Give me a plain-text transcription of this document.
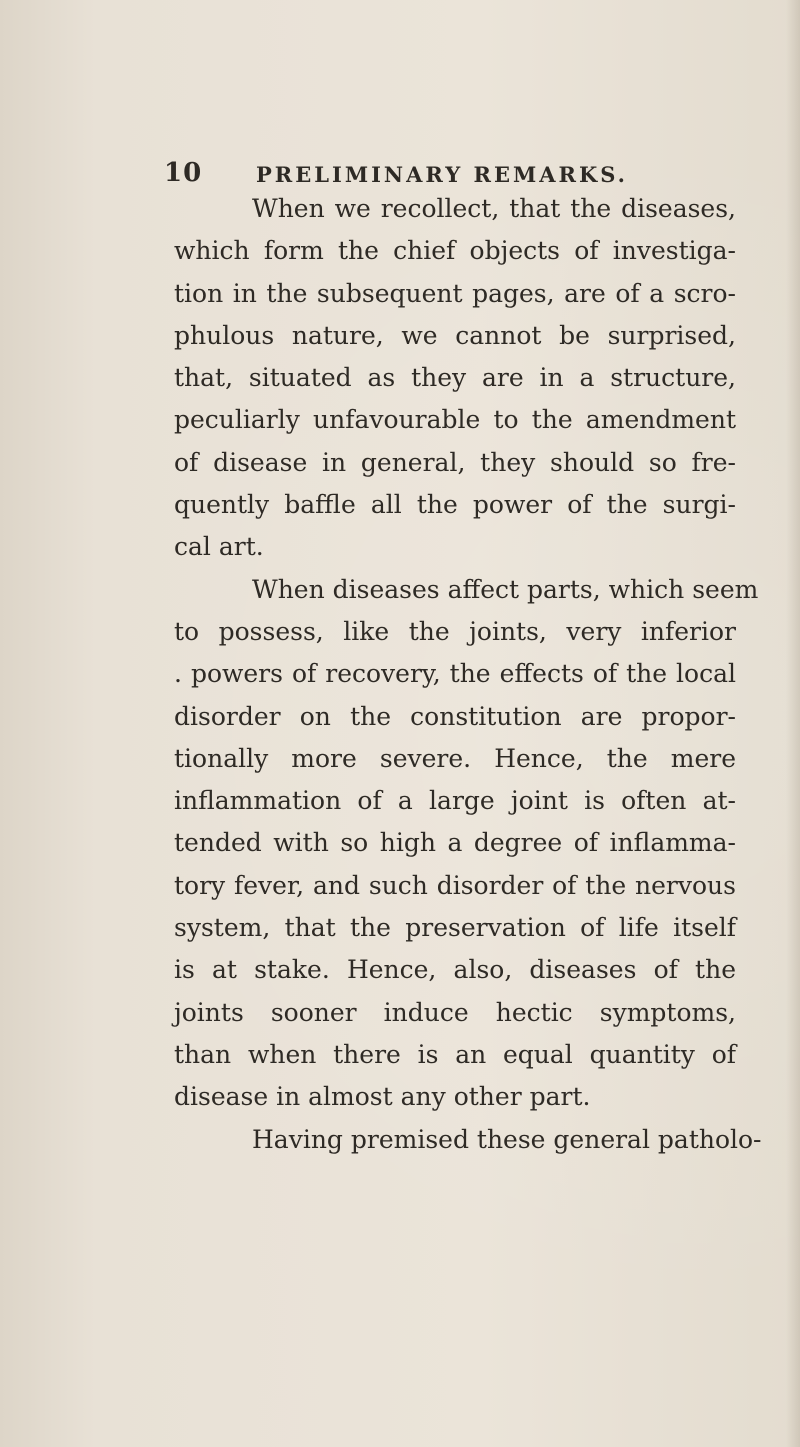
10	PRELIMINARY REMARKS.
When we recollect, that the diseases,
which form the chief objects of investiga-
tion in the subsequent pages, are of a scro-
phulous nature, we cannot be surprised,
that, situated as they are in a structure,
peculiarly unfavourable to the amendment
of disease in general, they should so fre-
quently baffle all the power of the surgi-
cal art.
When diseases affect parts, which seem
to possess, like the joints, very inferior
. powers of recovery, the effects of the local
disorder on the constitution are propor-
tionally more severe. Hence, the mere
inflammation of a large joint is often at-
tended with so high a degree of inflamma-
tory fever, and such disorder of the nervous
system, that the preservation of life itself
is at stake. Hence, also, diseases of the
joints sooner induce hectic symptoms,
than when there is an equal quantity of
disease in almost any other part.
Having premised these general patholo-
